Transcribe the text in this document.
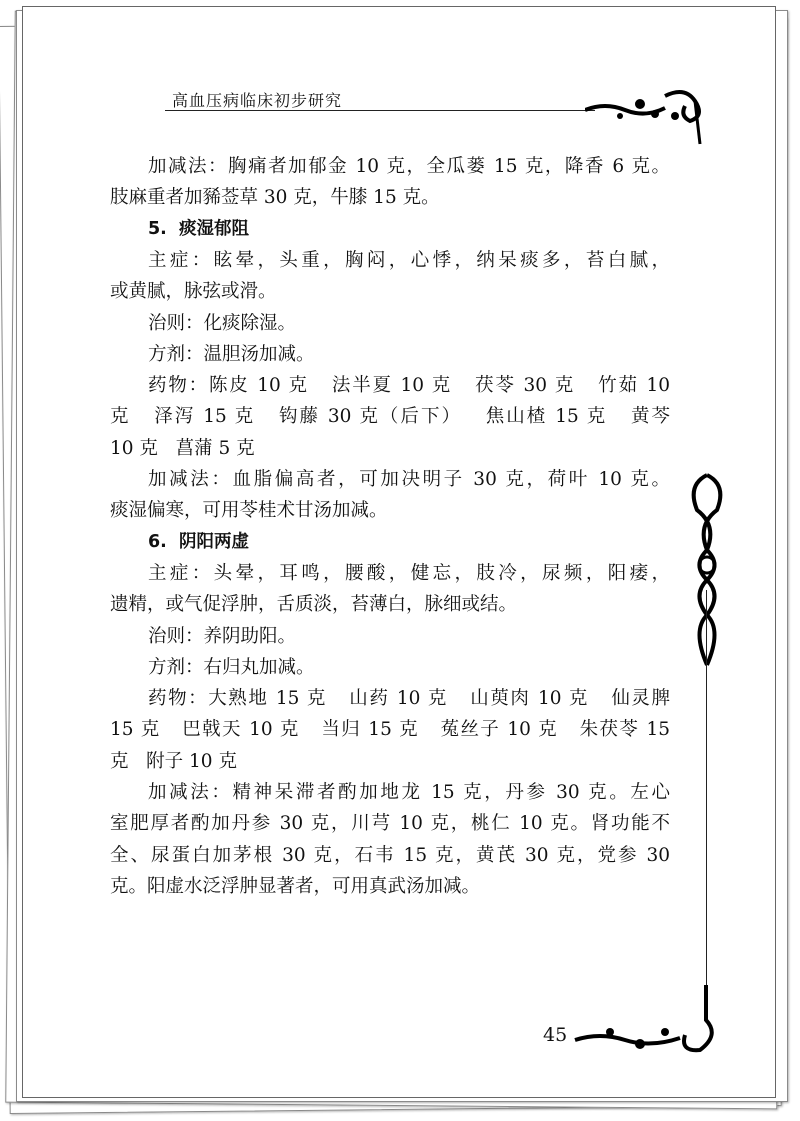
高血压病临床初步研究
加减法：胸痛者加郁金 10 克，全瓜蒌 15 克，降香 6 克。
肢麻重者加豨莶草 30 克，牛膝 15 克。
5.  痰湿郁阻
主症：眩晕，头重，胸闷，心悸，纳呆痰多，苔白腻，
或黄腻，脉弦或滑。
治则：化痰除湿。
方剂：温胆汤加减。
药物：陈皮 10 克   法半夏 10 克   茯苓 30 克   竹茹 10
克   泽泻 15 克   钩藤 30 克（后下）   焦山楂 15 克   黄芩
10 克   菖蒲 5 克
加减法：血脂偏高者，可加决明子 30 克，荷叶 10 克。
痰湿偏寒，可用苓桂术甘汤加减。
6.  阴阳两虚
主症：头晕，耳鸣，腰酸，健忘，肢冷，尿频，阳痿，
遗精，或气促浮肿，舌质淡，苔薄白，脉细或结。
治则：养阴助阳。
方剂：右归丸加减。
药物：大熟地 15 克   山药 10 克   山萸肉 10 克   仙灵脾
15 克   巴戟天 10 克   当归 15 克   菟丝子 10 克   朱茯苓 15
克   附子 10 克
加减法：精神呆滞者酌加地龙 15 克，丹参 30 克。左心
室肥厚者酌加丹参 30 克，川芎 10 克，桃仁 10 克。肾功能不
全、尿蛋白加茅根 30 克，石韦 15 克，黄芪 30 克，党参 30
克。阳虚水泛浮肿显著者，可用真武汤加减。
45
